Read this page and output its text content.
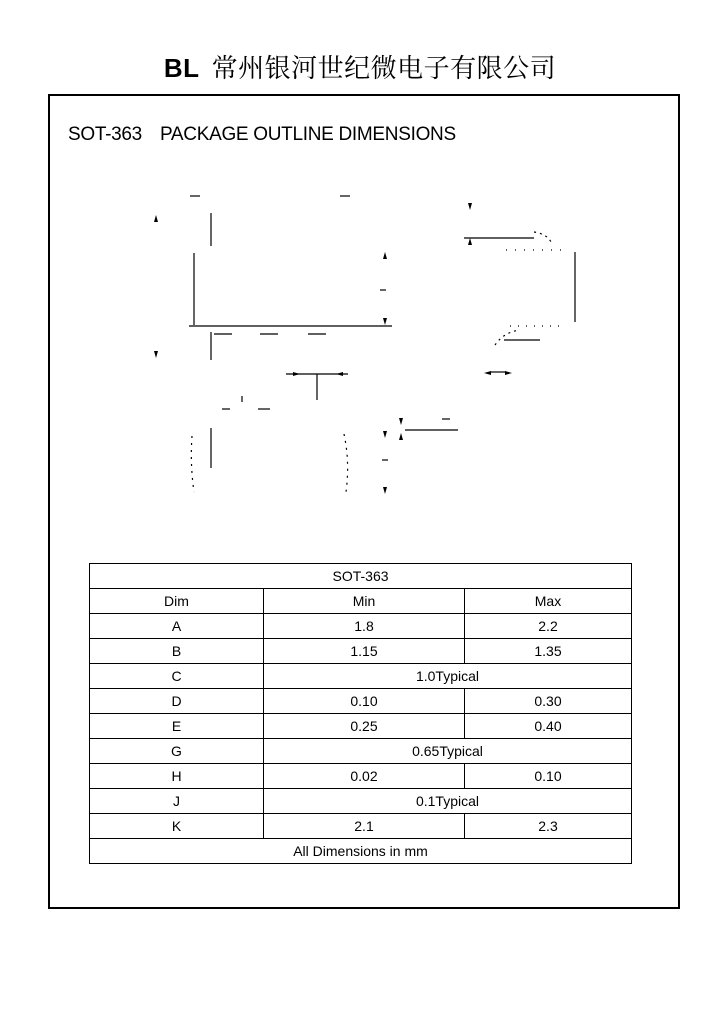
BL 常州银河世纪微电子有限公司
SOT-363 PACKAGE OUTLINE DIMENSIONS
SOT-363		
Dim	Min	Max
A	1.8	2.2
B	1.15	1.35
C	1.0Typical	
D	0.10	0.30
E	0.25	0.40
G	0.65Typical	
H	0.02	0.10
J	0.1Typical	
K	2.1	2.3
All Dimensions in mm		
